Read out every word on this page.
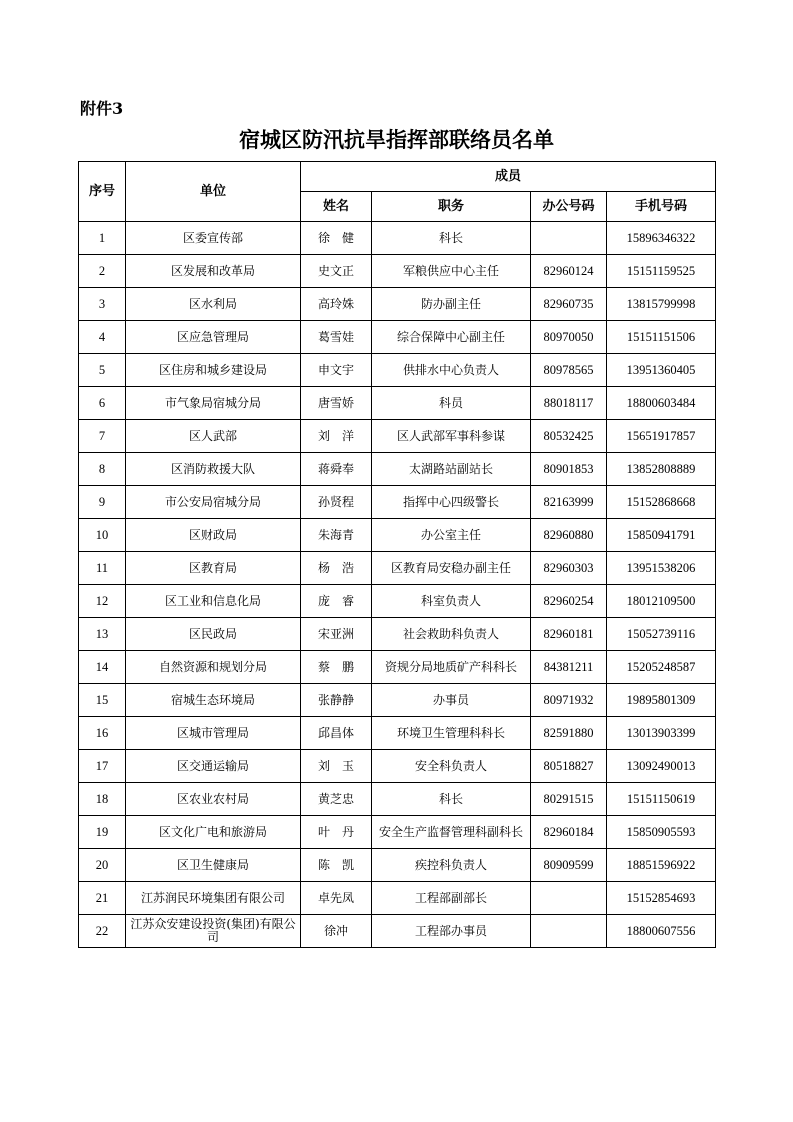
附件3
宿城区防汛抗旱指挥部联络员名单
序号	单位	成员			
		姓名	职务	办公号码	手机号码
1	区委宣传部	徐　健	科长		15896346322
2	区发展和改革局	史文正	军粮供应中心主任	82960124	15151159525
3	区水利局	高玲姝	防办副主任	82960735	13815799998
4	区应急管理局	葛雪娃	综合保障中心副主任	80970050	15151151506
5	区住房和城乡建设局	申文宇	供排水中心负责人	80978565	13951360405
6	市气象局宿城分局	唐雪娇	科员	88018117	18800603484
7	区人武部	刘　洋	区人武部军事科参谋	80532425	15651917857
8	区消防救援大队	蒋舜奉	太湖路站副站长	80901853	13852808889
9	市公安局宿城分局	孙贤程	指挥中心四级警长	82163999	15152868668
10	区财政局	朱海青	办公室主任	82960880	15850941791
11	区教育局	杨　浩	区教育局安稳办副主任	82960303	13951538206
12	区工业和信息化局	庞　睿	科室负责人	82960254	18012109500
13	区民政局	宋亚洲	社会救助科负责人	82960181	15052739116
14	自然资源和规划分局	蔡　鹏	资规分局地质矿产科科长	84381211	15205248587
15	宿城生态环境局	张静静	办事员	80971932	19895801309
16	区城市管理局	邱昌体	环境卫生管理科科长	82591880	13013903399
17	区交通运输局	刘　玉	安全科负责人	80518827	13092490013
18	区农业农村局	黄芝忠	科长	80291515	15151150619
19	区文化广电和旅游局	叶　丹	安全生产监督管理科副科长	82960184	15850905593
20	区卫生健康局	陈　凯	疾控科负责人	80909599	18851596922
21	江苏润民环境集团有限公司	卓先凤	工程部副部长		15152854693
22	江苏众安建设投资(集团)有限公司	徐冲	工程部办事员		18800607556
